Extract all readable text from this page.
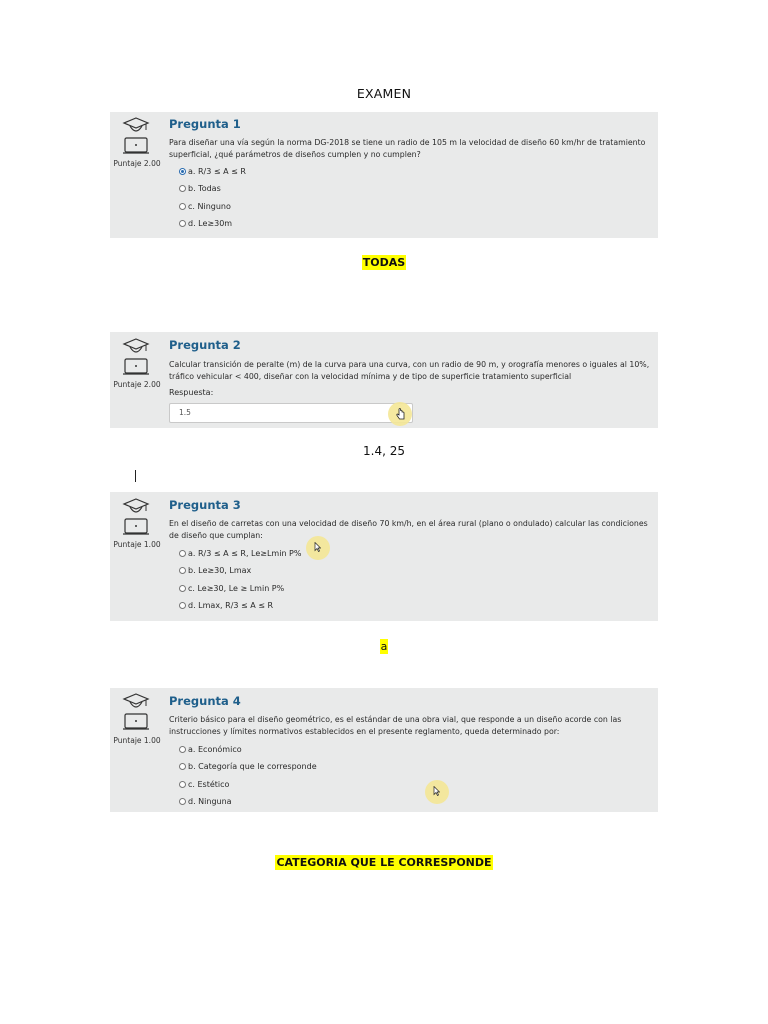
EXAMEN
Puntaje 2.00
Pregunta 1
Para diseñar una vía según la norma DG-2018 se tiene un radio de 105 m la velocidad de diseño 60 km/hr de tratamiento
superficial, ¿qué parámetros de diseños cumplen y no cumplen?
a. R/3 ≤ A ≤ R
b. Todas
c. Ninguno
d. Le≥30m
TODAS
Puntaje 2.00
Pregunta 2
Calcular transición de peralte (m) de la curva para una curva, con un radio de 90 m, y orografía menores o iguales al 10%,
tráfico vehicular < 400, diseñar con la velocidad mínima y de tipo de superficie tratamiento superficial
Respuesta:
1.5
1.4, 25
Puntaje 1.00
Pregunta 3
En el diseño de carretas con una velocidad de diseño 70 km/h, en el área rural (plano o ondulado) calcular las condiciones
de diseño que cumplan:
a. R/3 ≤ A ≤ R, Le≥Lmin P%
b. Le≥30, Lmax
c. Le≥30, Le ≥ Lmin P%
d. Lmax, R/3 ≤ A ≤ R
a
Puntaje 1.00
Pregunta 4
Criterio básico para el diseño geométrico, es el estándar de una obra vial, que responde a un diseño acorde con las
instrucciones y límites normativos establecidos en el presente reglamento, queda determinado por:
a. Económico
b. Categoría que le corresponde
c. Estético
d. Ninguna
CATEGORIA QUE LE CORRESPONDE
